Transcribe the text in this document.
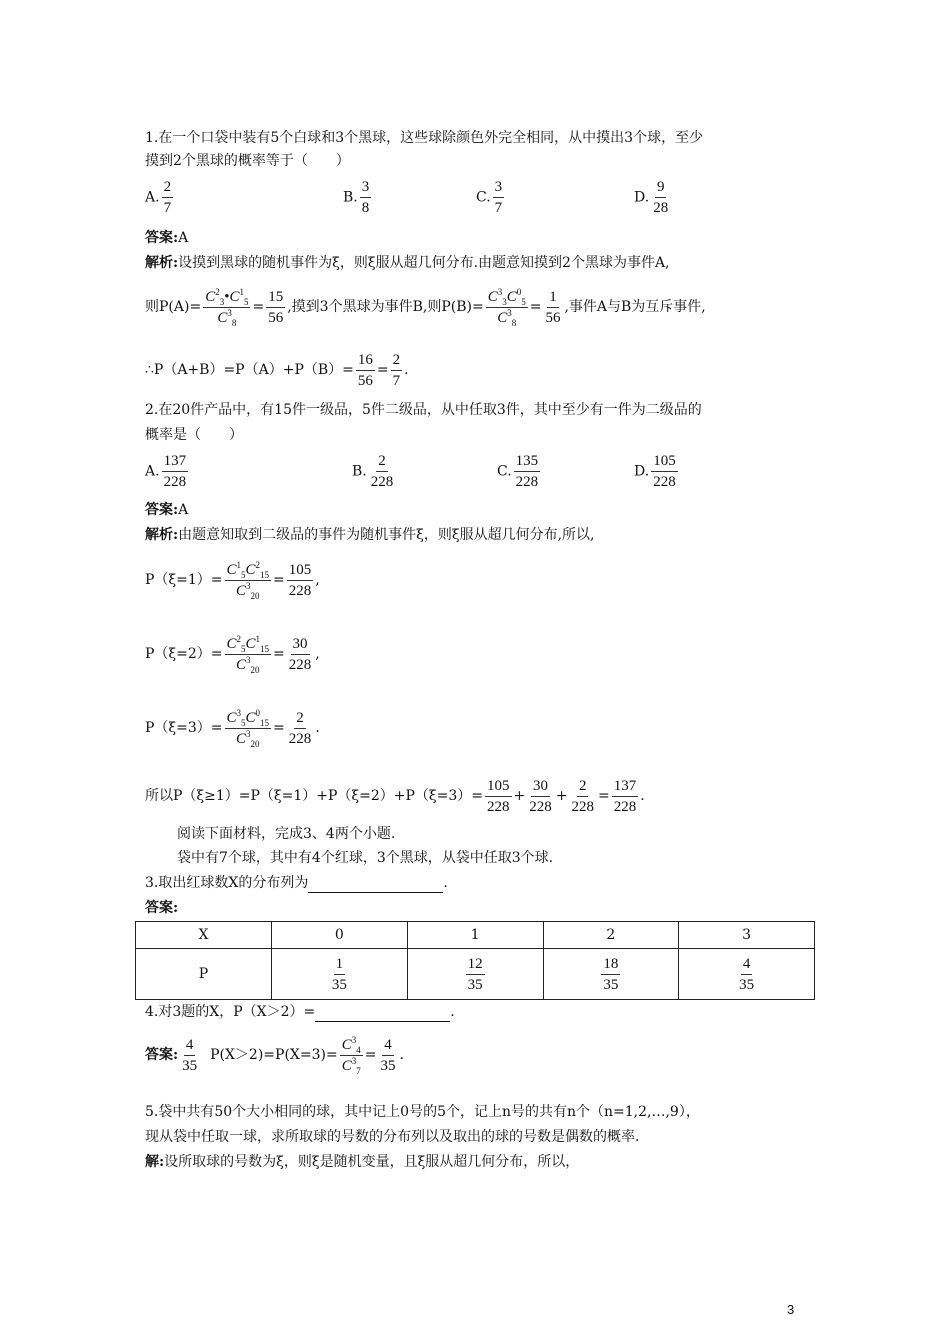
1.在一个口袋中装有5个白球和3个黑球，这些球除颜色外完全相同，从中摸出3个球，至少
摸到2个黑球的概率等于（　　）
A. $\frac{2}{7}$	B. $\frac{3}{8}$	C. $\frac{3}{7}$	D. $\frac{9}{28}$
答案:A
解析:设摸到黑球的随机事件为ξ，则ξ服从超几何分布.由题意知摸到2个黑球为事件A,
则$P(A)= \frac{C^2_3•C^1_5}{C^3_8} = \frac{15}{56}$ ,摸到3个黑球为事件B,则$P(B)= \frac{C^3_3C^0_5}{C^3_8} = \frac{1}{56}$ ,事件A与B为互斥事件,
∴P（A+B）=P（A）+P（B）= $\frac{16}{56} = \frac{2}{7}$ .
2.在20件产品中，有15件一级品，5件二级品，从中任取3件，其中至少有一件为二级品的
概率是（　　）
A. $\frac{137}{228}$	B. $\frac{2}{228}$	C. $\frac{135}{228}$	D. $\frac{105}{228}$
答案:A
解析:由题意知取到二级品的事件为随机事件ξ，则ξ服从超几何分布,所以,
$P(\xi=1)= \frac{C^1_5C^2_{15}}{C^3_{20}} = \frac{105}{228}$ ,
$P(\xi=2)= \frac{C^2_5C^1_{15}}{C^3_{20}} = \frac{30}{228}$ ,
$P(\xi=3)= \frac{C^3_5C^0_{15}}{C^3_{20}} = \frac{2}{228}$ .
所以$P(\xi\ge 1)=P(\xi=1)+P(\xi=2)+P(\xi=3)= \frac{105}{228} + \frac{30}{228} + \frac{2}{228} = \frac{137}{228}$ .
阅读下面材料，完成3、4两个小题.
袋中有7个球，其中有4个红球，3个黑球，从袋中任取3个球.
3.取出红球数X的分布列为	.
答案:
X	0	1	2	3
P	$\frac{1}{35}$	$\frac{12}{35}$	$\frac{18}{35}$	$\frac{4}{35}$
4.对3题的X，P（X＞2）=	.
答案: $\frac{4}{35} P(X>2)=P(X=3)= \frac{C^3_4}{C^3_7} = \frac{4}{35}$ .
5.袋中共有50个大小相同的球，其中记上0号的5个，记上n号的共有n个（n=1,2,…,9），
现从袋中任取一球，求所取球的号数的分布列以及取出的球的号数是偶数的概率.
解:设所取球的号数为ξ，则ξ是随机变量，且ξ服从超几何分布，所以，
3
